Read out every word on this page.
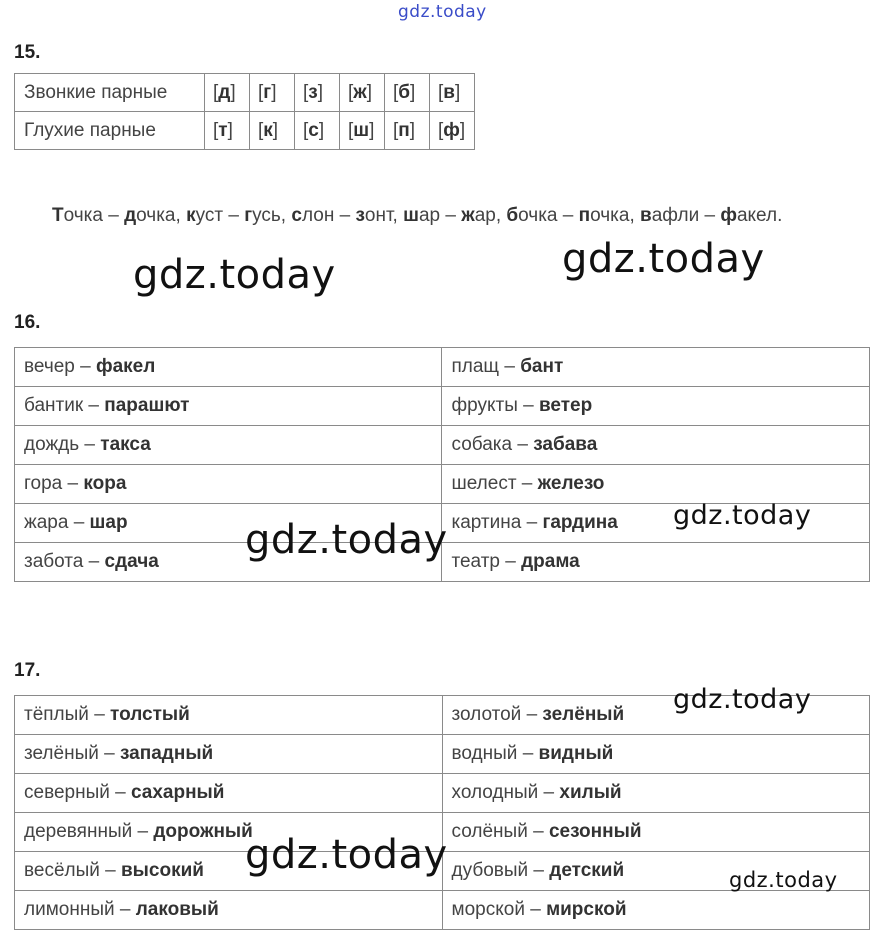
gdz.today
15.
Звонкие парные	[д]	[г]	[з]	[ж]	[б]	[в]
Глухие парные	[т]	[к]	[с]	[ш]	[п]	[ф]

Точка – дочка, куст – гусь, слон – зонт, шар – жар, бочка – почка, вафли – факел.

gdz.today	gdz.today
16.
вечер – факел	плащ – бант
бантик – парашют	фрукты – ветер
дождь – такса	собака – забава
гора – кора	шелест – железо
жара – шар	картина – гардина
забота – сдача	театр – драма
gdz.today
gdz.today
17.
тёплый – толстый	золотой – зелёный
зелёный – западный	водный – видный
северный – сахарный	холодный – хилый
деревянный – дорожный	солёный – сезонный
весёлый – высокий	дубовый – детский
лимонный – лаковый	морской – мирской
gdz.today
gdz.today
gdz.today
